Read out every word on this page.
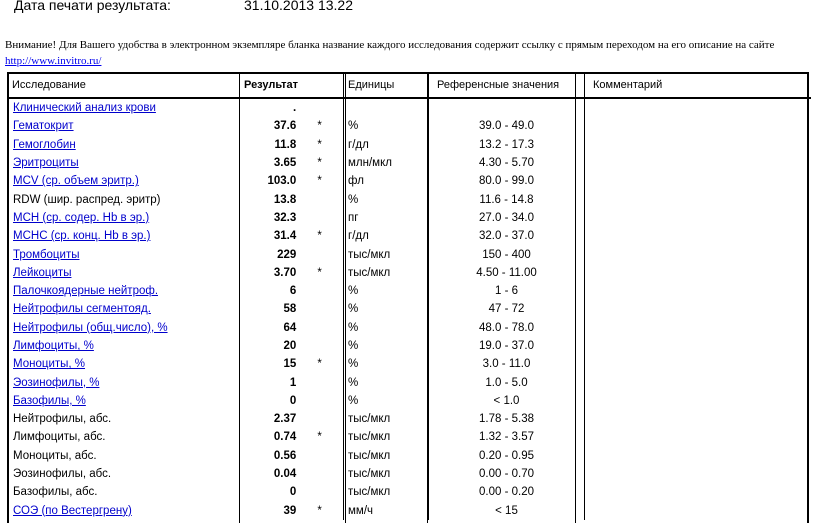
Дата печати результата:	31.10.2013 13.22
Внимание! Для Вашего удобства в электронном экземпляре бланка название каждого исследования содержит ссылку с прямым переходом на его описание на сайте http://www.invitro.ru/
Исследование	Результат		Единицы	Референсные значения	Комментарий
Клинический анализ крови	.				
Гематокрит	37.6	*	%	39.0 - 49.0	
Гемоглобин	11.8	*	г/дл	13.2 - 17.3	
Эритроциты	3.65	*	млн/мкл	4.30 - 5.70	
MCV (ср. объем эритр.)	103.0	*	фл	80.0 - 99.0	
RDW (шир. распред. эритр)	13.8		%	11.6 - 14.8	
MCH (ср. содер. Hb в эр.)	32.3		пг	27.0 - 34.0	
MCHC (ср. конц. Hb в эр.)	31.4	*	г/дл	32.0 - 37.0	
Тромбоциты	229		тыс/мкл	150 - 400	
Лейкоциты	3.70	*	тыс/мкл	4.50 - 11.00	
Палочкоядерные нейтроф.	6		%	1 - 6	
Нейтрофилы сегментояд.	58		%	47 - 72	
Нейтрофилы (общ.число), %	64		%	48.0 - 78.0	
Лимфоциты, %	20		%	19.0 - 37.0	
Моноциты, %	15	*	%	3.0 - 11.0	
Эозинофилы, %	1		%	1.0 - 5.0	
Базофилы, %	0		%	< 1.0	
Нейтрофилы, абс.	2.37		тыс/мкл	1.78 - 5.38	
Лимфоциты, абс.	0.74	*	тыс/мкл	1.32 - 3.57	
Моноциты, абс.	0.56		тыс/мкл	0.20 - 0.95	
Эозинофилы, абс.	0.04		тыс/мкл	0.00 - 0.70	
Базофилы, абс.	0		тыс/мкл	0.00 - 0.20	
СОЭ (по Вестергрену)	39	*	мм/ч	< 15	
